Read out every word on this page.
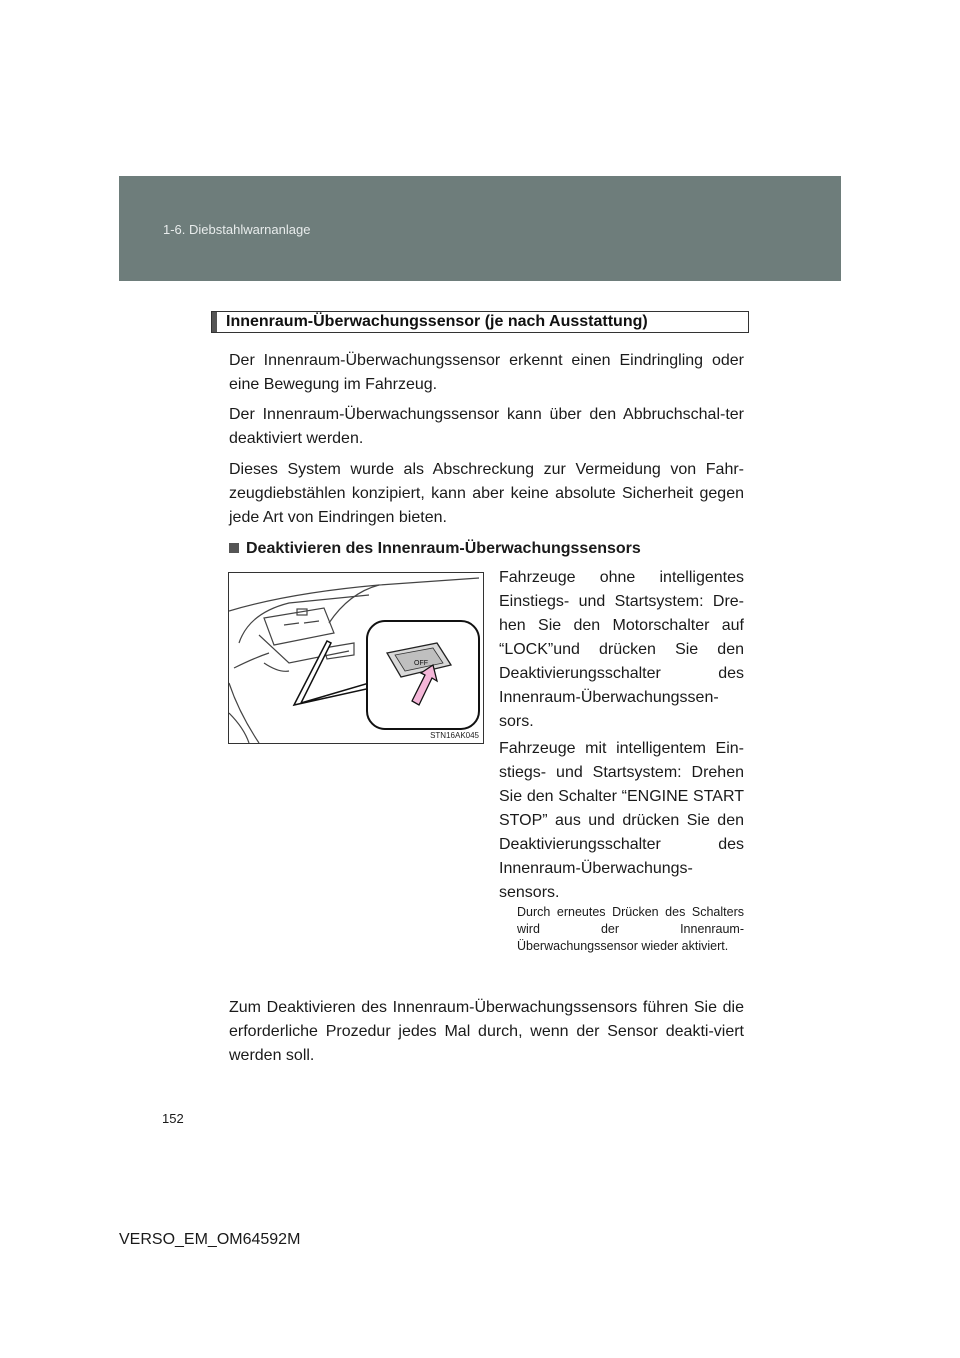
1-6. Diebstahlwarnanlage
Innenraum-Überwachungssensor (je nach Ausstattung)

Der Innenraum-Überwachungssensor erkennt einen Eindringling oder eine Bewegung im Fahrzeug.

Der Innenraum-Überwachungssensor kann über den Abbruchschal-ter deaktiviert werden.

Dieses System wurde als Abschreckung zur Vermeidung von Fahr-zeugdiebstählen konzipiert, kann aber keine absolute Sicherheit gegen jede Art von Eindringen bieten.

Deaktivieren des Innenraum-Überwachungssensors
OFF
STN16AK045

Fahrzeuge ohne intelligentes Einstiegs- und Startsystem: Dre-hen Sie den Motorschalter auf “LOCK”und drücken Sie den Deaktivierungsschalter des Innenraum-Überwachungssen-sors.

Fahrzeuge mit intelligentem Ein-stiegs- und Startsystem: Drehen Sie den Schalter “ENGINE START STOP” aus und drücken Sie den Deaktivierungsschalter des Innenraum-Überwachungs-sensors.

Durch erneutes Drücken des Schalters wird der Innenraum-Überwachungssensor wieder aktiviert.

Zum Deaktivieren des Innenraum-Überwachungssensors führen Sie die erforderliche Prozedur jedes Mal durch, wenn der Sensor deakti-viert werden soll.

152
VERSO_EM_OM64592M
